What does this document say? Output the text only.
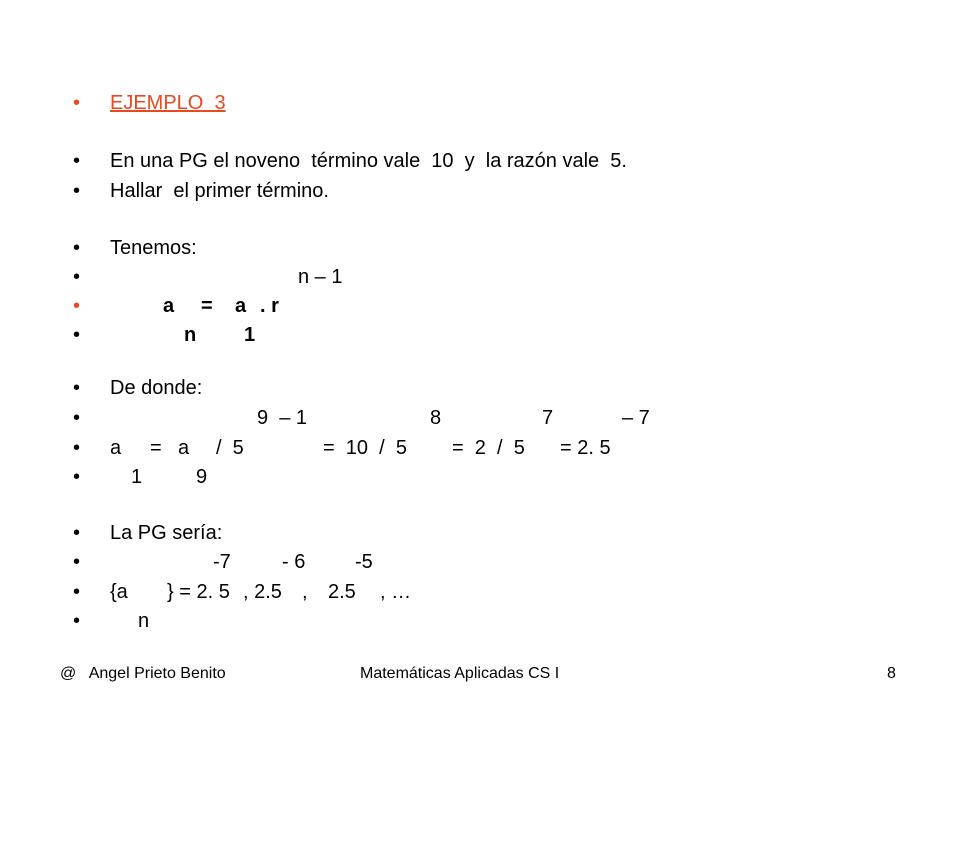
•

EJEMPLO  3

•

En una PG el noveno  término vale  10  y  la razón vale  5.

•

Hallar  el primer término.

•

Tenemos:

•

	n – 1

•

	a

=

a

. r

•

	n

1

•

De donde:

•

	9  – 1

	8

	7

	– 7

•

a

=

a

/  5

	=  10  /  5

=  2  /  5

= 2. 5

•

	1

	9

•

La PG sería:

•

	-7

	- 6

-5

•

{a

} = 2. 5

, 2.5

,

2.5

, …

•

	n

@   Angel Prieto Benito	Matemáticas Aplicadas CS I	8
